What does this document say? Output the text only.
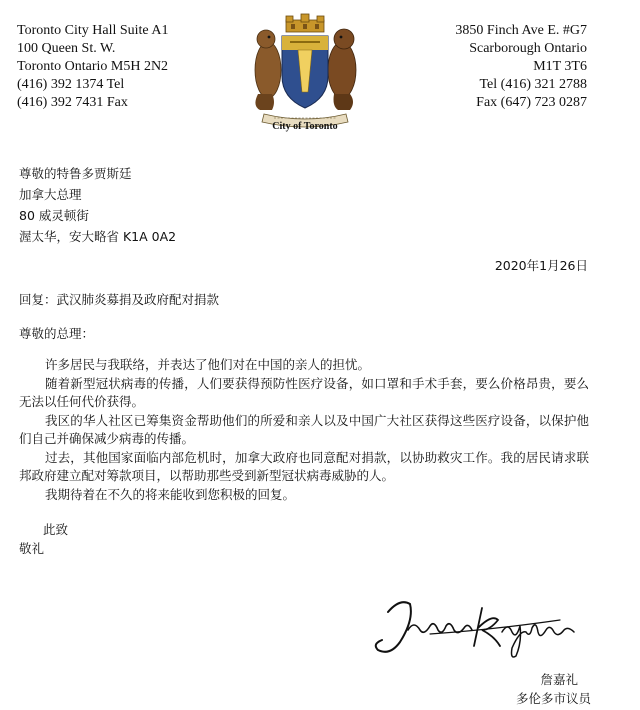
Toronto City Hall Suite A1
100 Queen St. W.
Toronto Ontario M5H 2N2
(416) 392 1374 Tel
(416) 392 7431 Fax
City of Toronto
3850 Finch Ave E. #G7
Scarborough Ontario
M1T 3T6
Tel (416) 321 2788
Fax (647) 723 0287
尊敬的特鲁多贾斯廷
加拿大总理
80 威灵顿街
渥太华，安大略省 K1A 0A2
2020年1月26日
回复：武汉肺炎募捐及政府配对捐款
尊敬的总理：

许多居民与我联络，并表达了他们对在中国的亲人的担忧。

随着新型冠状病毒的传播，人们要获得预防性医疗设备，如口罩和手术手套，要么价格昂贵，要么无法以任何代价获得。

我区的华人社区已筹集资金帮助他们的所爱和亲人以及中国广大社区获得这些医疗设备，以保护他们自己并确保减少病毒的传播。

过去，其他国家面临内部危机时，加拿大政府也同意配对捐款，以协助救灾工作。我的居民请求联邦政府建立配对筹款项目，以帮助那些受到新型冠状病毒威胁的人。

我期待着在不久的将来能收到您积极的回复。

此致
敬礼
詹嘉礼
多伦多市议员
